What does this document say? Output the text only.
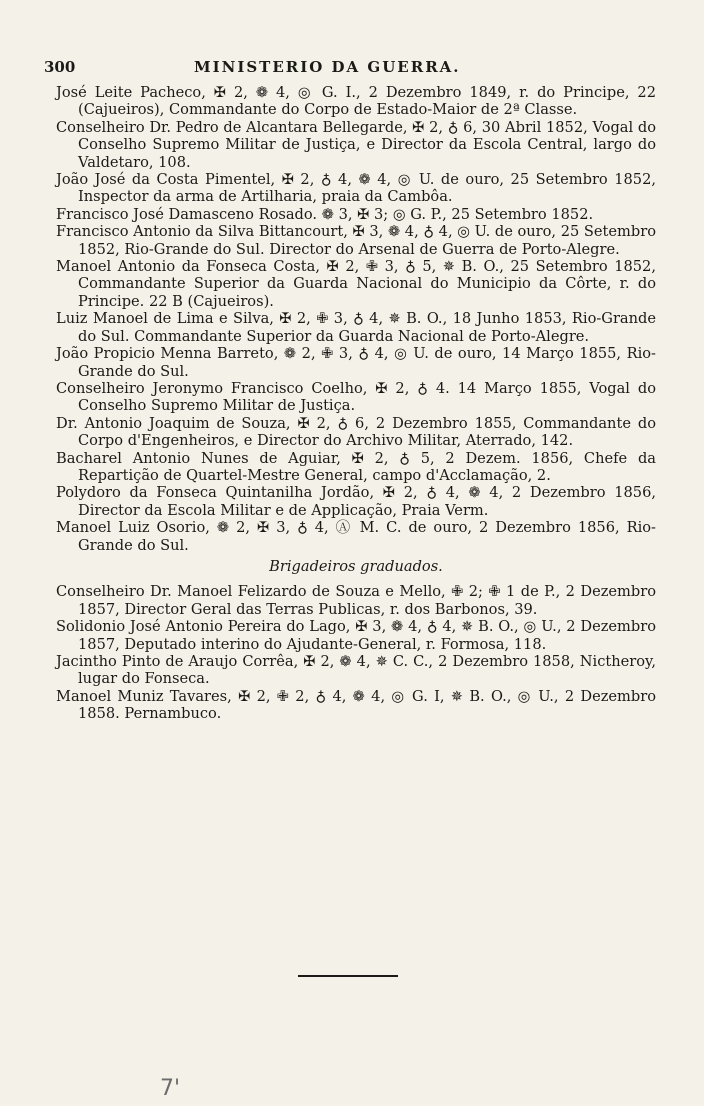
300	MINISTERIO DA GUERRA.

José Leite Pacheco, ✠ 2, ❁ 4, ◎ G. I., 2 Dezembro 1849, r. do Principe, 22 (Cajueiros), Commandante do Corpo de Estado-Maior de 2ª Classe.

Conselheiro Dr. Pedro de Alcantara Bellegarde, ✠ 2, ♁ 6, 30 Abril 1852, Vogal do Conselho Supremo Militar de Justiça, e Director da Escola Central, largo do Valdetaro, 108.

João José da Costa Pimentel, ✠ 2, ♁ 4, ❁ 4, ◎ U. de ouro, 25 Setembro 1852, Inspector da arma de Artilharia, praia da Cambôa.

Francisco José Damasceno Rosado. ❁ 3, ✠ 3; ◎ G. P., 25 Setembro 1852.

Francisco Antonio da Silva Bittancourt, ✠ 3, ❁ 4, ♁ 4, ◎ U. de ouro, 25 Setembro 1852, Rio-Grande do Sul. Director do Arsenal de Guerra de Porto-Alegre.

Manoel Antonio da Fonseca Costa, ✠ 2, ✙ 3, ♁ 5, ✵ B. O., 25 Setembro 1852, Commandante Superior da Guarda Nacional do Municipio da Côrte, r. do Principe. 22 B (Cajueiros).

Luiz Manoel de Lima e Silva, ✠ 2, ✙ 3, ♁ 4, ✵ B. O., 18 Junho 1853, Rio-Grande do Sul. Commandante Superior da Guarda Nacional de Porto-Alegre.

João Propicio Menna Barreto, ❁ 2, ✙ 3, ♁ 4, ◎ U. de ouro, 14 Março 1855, Rio-Grande do Sul.

Conselheiro Jeronymo Francisco Coelho, ✠ 2, ♁ 4. 14 Março 1855, Vogal do Conselho Supremo Militar de Justiça.

Dr. Antonio Joaquim de Souza, ✠ 2, ♁ 6, 2 Dezembro 1855, Commandante do Corpo d'Engenheiros, e Director do Archivo Militar, Aterrado, 142.

Bacharel Antonio Nunes de Aguiar, ✠ 2, ♁ 5, 2 Dezem. 1856, Chefe da Repartição de Quartel-Mestre General, campo d'Acclamação, 2.

Polydoro da Fonseca Quintanilha Jordão, ✠ 2, ♁ 4, ❁ 4, 2 Dezembro 1856, Director da Escola Militar e de Applicação, Praia Verm.

Manoel Luiz Osorio, ❁ 2, ✠ 3, ♁ 4, Ⓐ M. C. de ouro, 2 Dezembro 1856, Rio-Grande do Sul.

Brigadeiros graduados.

Conselheiro Dr. Manoel Felizardo de Souza e Mello, ✙ 2; ✙ 1 de P., 2 Dezembro 1857, Director Geral das Terras Publicas, r. dos Barbonos, 39.

Solidonio José Antonio Pereira do Lago, ✠ 3, ❁ 4, ♁ 4, ✵ B. O., ◎ U., 2 Dezembro 1857, Deputado interino do Ajudante-General, r. Formosa, 118.

Jacintho Pinto de Araujo Corrêa, ✠ 2, ❁ 4, ✵ C. C., 2 Dezembro 1858, Nictheroy, lugar do Fonseca.

Manoel Muniz Tavares, ✠ 2, ✙ 2, ♁ 4, ❁ 4, ◎ G. I, ✵ B. O., ◎ U., 2 Dezembro 1858. Pernambuco.

7'
